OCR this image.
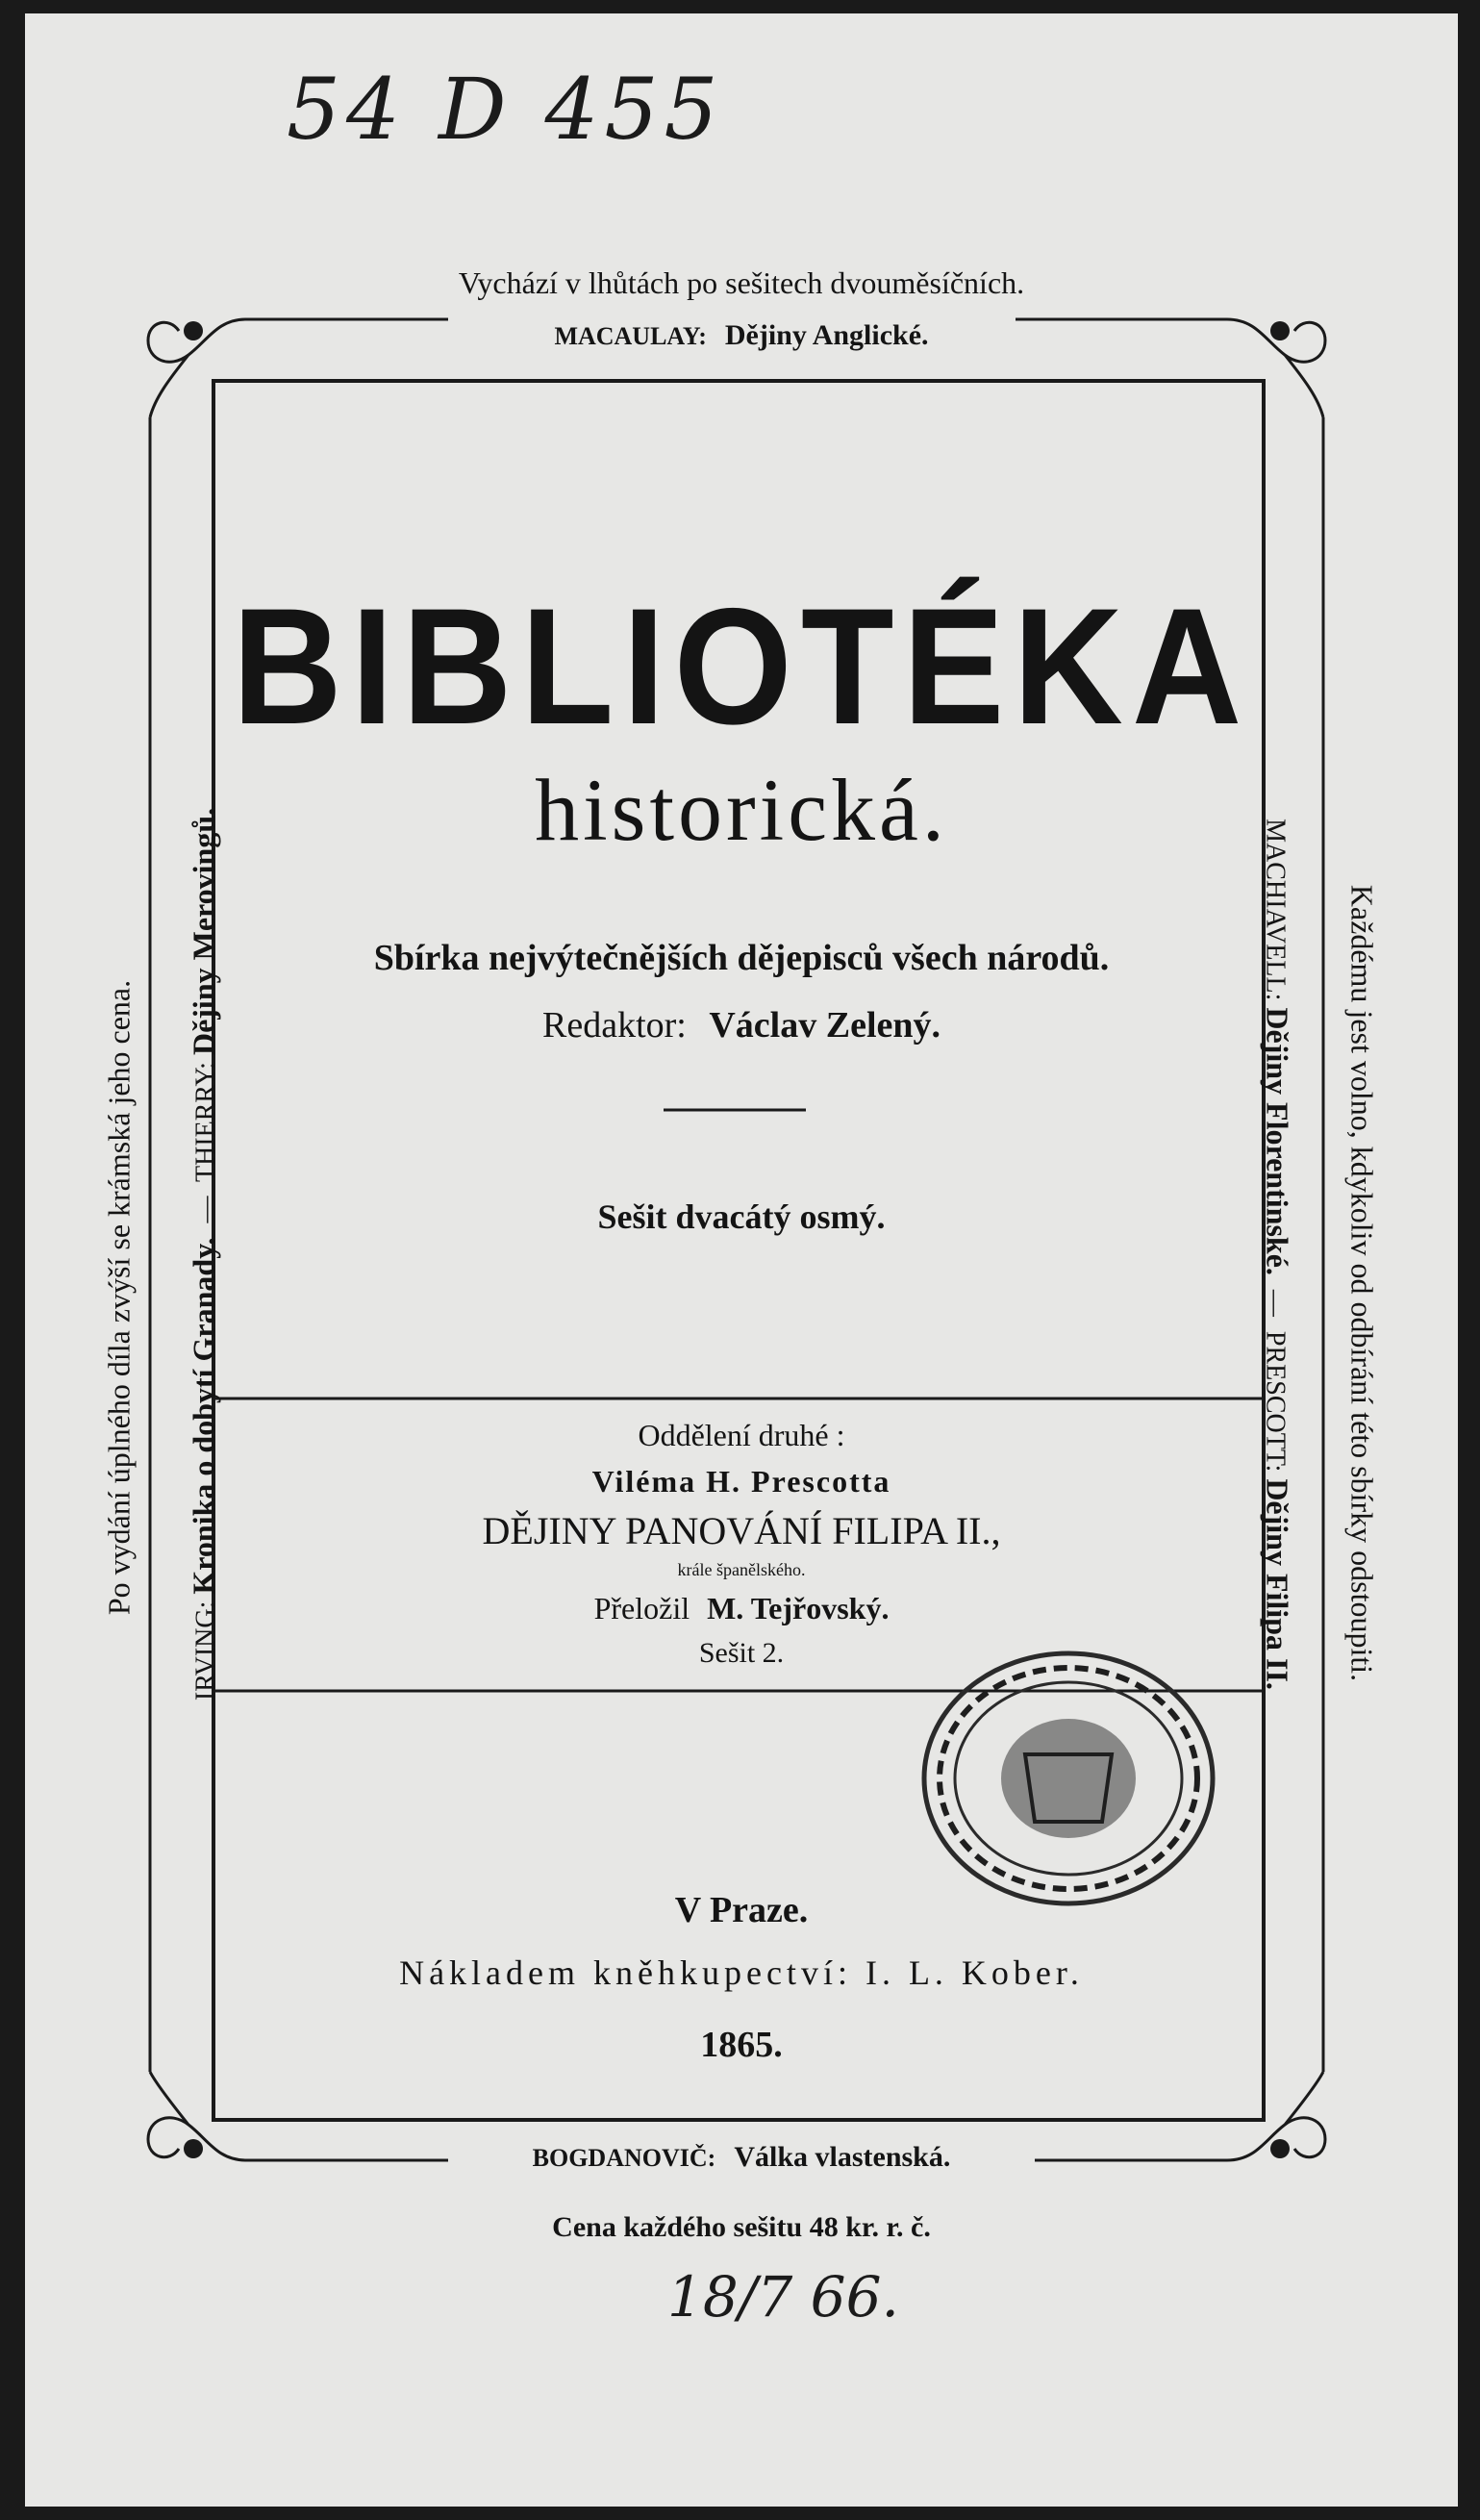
54 D 455
Vychází v lhůtách po sešitech dvouměsíčních.
MACAULAY: Dějiny Anglické.
BIBLIOTÉKA
historická.
Sbírka nejvýtečnějších dějepisců všech národů.
Redaktor: Václav Zelený.
Sešit dvacátý osmý.
Oddělení druhé :
Viléma H. Prescotta
DĚJINY PANOVÁNÍ FILIPA II.,
krále španělského.
Přeložil M. Tejřovský.
Sešit 2.
V Praze.
Nákladem kněhkupectví: I. L. Kober.
1865.
BOGDANOVIČ: Válka vlastenská.
Cena každého sešitu 48 kr. r. č.
18/7 66.
Po vydání úplného díla zvýší se krámská jeho cena.
IRVING: Kronika o dobytí Granady. — THIERRY: Dějiny Merovingů.	MACHIAVELL: Dějiny Florentinské. — PRESCOTT: Dějiny Filipa II. Každému jest volno, kdykoliv od odbírání této sbírky odstoupiti.
